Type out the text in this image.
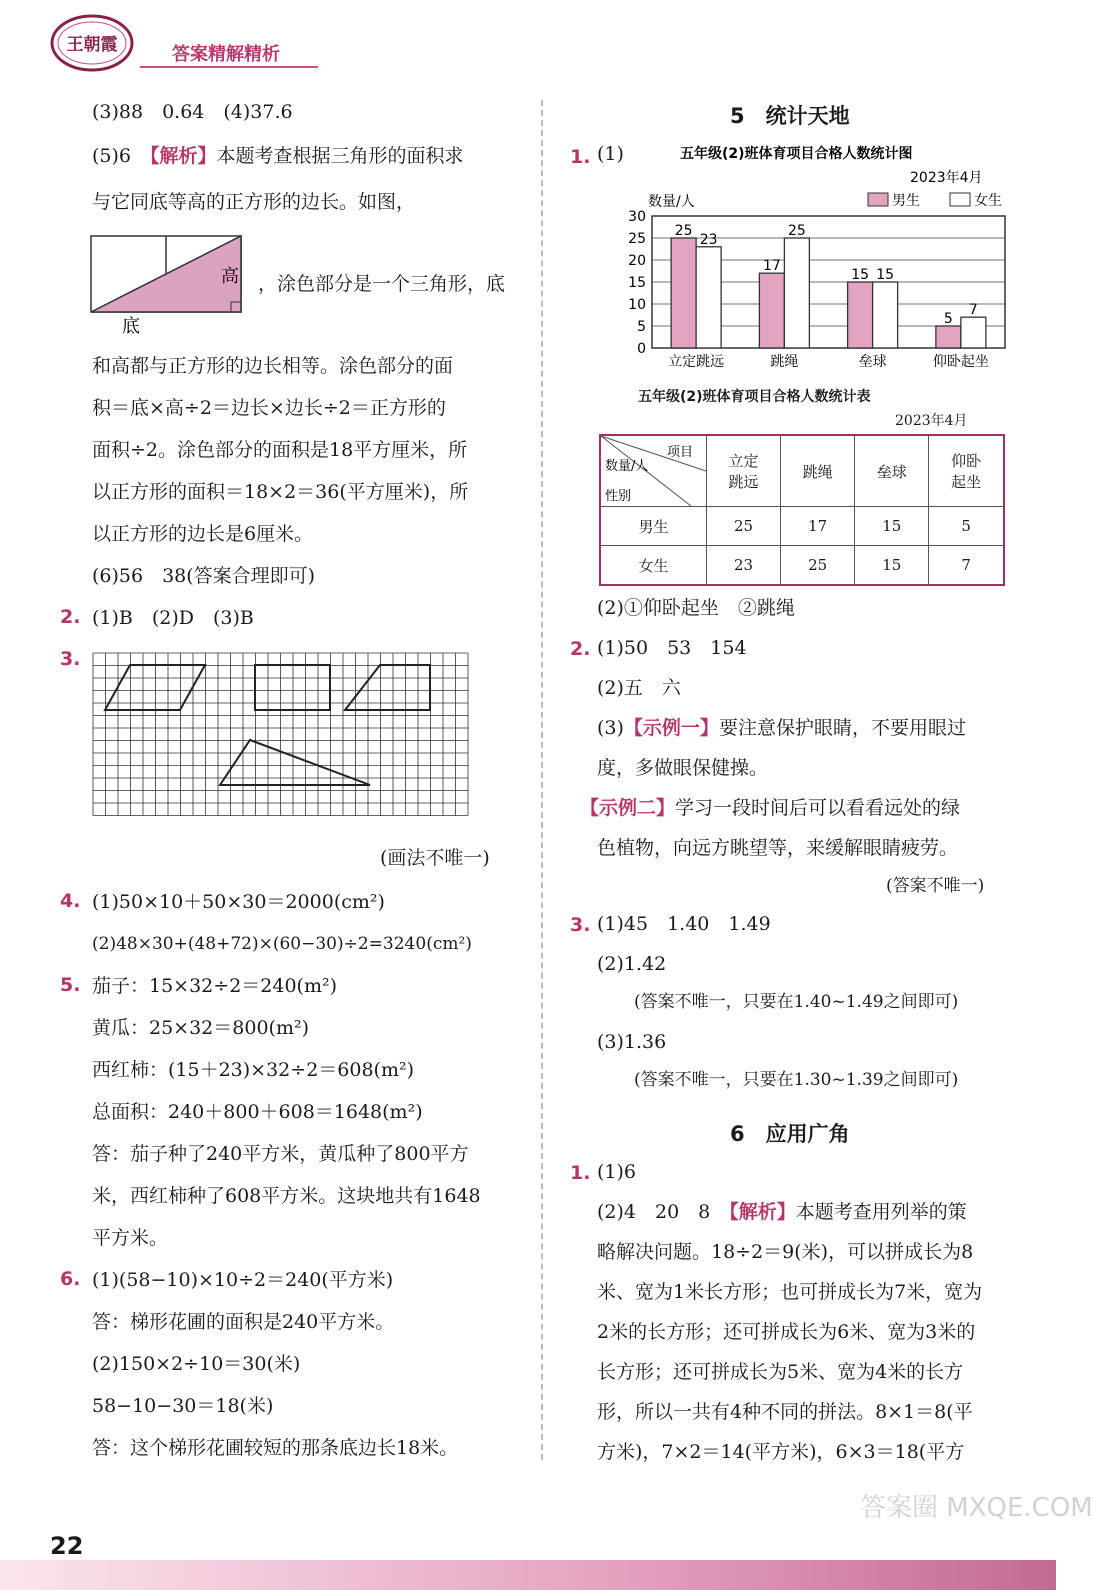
王朝霞	答案精解精析
(3)88　0.64　(4)37.6
(5)6　【解析】本题考查根据三角形的面积求
与它同底等高的正方形的边长。如图，
高
底
，涂色部分是一个三角形，底
和高都与正方形的边长相等。涂色部分的面
积＝底×高÷2＝边长×边长÷2＝正方形的
面积÷2。涂色部分的面积是18平方厘米，所
以正方形的面积＝18×2＝36(平方厘米)，所
以正方形的边长是6厘米。
(6)56　38(答案合理即可)
2. (1)B　(2)D　(3)B
3.
(画法不唯一)
4. (1)50×10＋50×30＝2000(cm²)
(2)48×30+(48+72)×(60−30)÷2=3240(cm²)
5. 茄子：15×32÷2＝240(m²)
黄瓜：25×32＝800(m²)
西红柿：(15＋23)×32÷2＝608(m²)
总面积：240＋800＋608＝1648(m²)
答：茄子种了240平方米，黄瓜种了800平方
米，西红柿种了608平方米。这块地共有1648
平方米。
6. (1)(58−10)×10÷2＝240(平方米)
答：梯形花圃的面积是240平方米。
(2)150×2÷10＝30(米)
58−10−30＝18(米)
答：这个梯形花圃较短的那条底边长18米。
5　统计天地
1. (1)	五年级(2)班体育项目合格人数统计图
2023年4月
数量/人	男生	女生
0
5
10
15
20
25
30
25
23
立定跳远
17
25
跳绳
15 15
垒球
5
7
仰卧起坐
五年级(2)班体育项目合格人数统计表
2023年4月
项目
数量/人
性别	立定
跳远	跳绳	垒球	仰卧
起坐
男生	25	17	15	5
女生	23	25	15	7
(2)①仰卧起坐　②跳绳
2. (1)50　53　154
(2)五　六
(3)【示例一】要注意保护眼睛，不要用眼过
度，多做眼保健操。
【示例二】学习一段时间后可以看看远处的绿
色植物，向远方眺望等，来缓解眼睛疲劳。
(答案不唯一)
3. (1)45　1.40　1.49
(2)1.42
(答案不唯一，只要在1.40~1.49之间即可)
(3)1.36
(答案不唯一，只要在1.30~1.39之间即可)
6　应用广角
1. (1)6
(2)4　20　8　【解析】本题考查用列举的策
略解决问题。18÷2＝9(米)，可以拼成长为8
米、宽为1米长方形；也可拼成长为7米，宽为
2米的长方形；还可拼成长为6米、宽为3米的
长方形；还可拼成长为5米、宽为4米的长方
形，所以一共有4种不同的拼法。8×1＝8(平
方米)，7×2＝14(平方米)，6×3＝18(平方
22
答案圈 MXQE.COM
